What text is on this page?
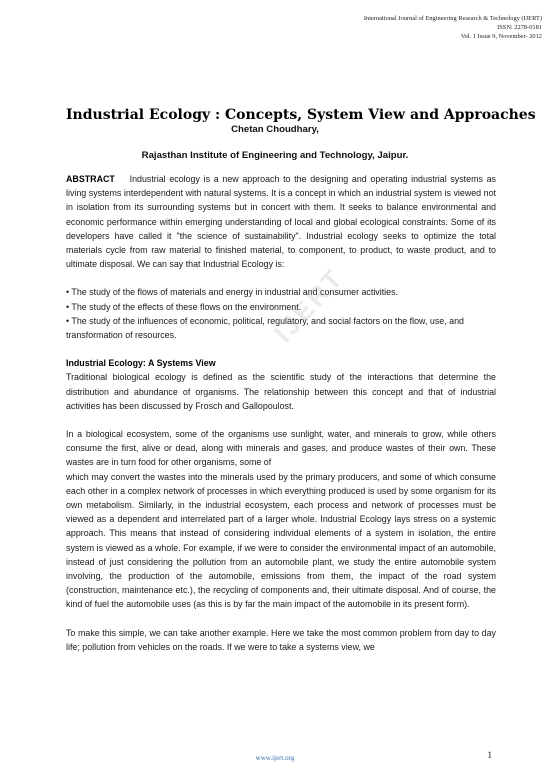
International Journal of Engineering Research & Technology (IJERT)
ISSN: 2278-0181
Vol. 1 Issue 9, November- 2012
Industrial Ecology : Concepts, System View and Approaches
Chetan Choudhary,
Rajasthan Institute of Engineering and Technology, Jaipur.

ABSTRACT Industrial ecology is a new approach to the designing and operating industrial systems as living systems interdependent with natural systems. It is a concept in which an industrial system is viewed not in isolation from its surrounding systems but in concert with them. It seeks to balance environmental and economic performance within emerging understanding of local and global ecological constraints. Some of its developers have called it "the science of sustainability". Industrial ecology seeks to optimize the total materials cycle from raw material to finished material, to component, to product, to waste product, and to ultimate disposal. We can say that Industrial Ecology is:

• The study of the flows of materials and energy in industrial and consumer activities.
• The study of the effects of these flows on the environment.
• The study of the influences of economic, political, regulatory, and social factors on the flow, use, and transformation of resources.

Industrial Ecology: A Systems View

Traditional biological ecology is defined as the scientific study of the interactions that determine the distribution and abundance of organisms. The relationship between this concept and that of industrial activities has been discussed by Frosch and Gallopoulost.

In a biological ecosystem, some of the organisms use sunlight, water, and minerals to grow, while others consume the first, alive or dead, along with minerals and gases, and produce wastes of their own. These wastes are in turn food for other organisms, some of

which may convert the wastes into the minerals used by the primary producers, and some of which consume each other in a complex network of processes in which everything produced is used by some organism for its own metabolism. Similarly, in the industrial ecosystem, each process and network of processes must be viewed as a dependent and interrelated part of a larger whole. Industrial Ecology lays stress on a systemic approach. This means that instead of considering individual elements of a system in isolation, the entire system is viewed as a whole. For example, if we were to consider the environmental impact of an automobile, instead of just considering the pollution from an automobile plant, we study the entire automobile system involving, the production of the automobile, emissions from them, the impact of the road system (construction, maintenance etc.), the recycling of components and, their ultimate disposal. And of course, the kind of fuel the automobile uses (as this is by far the main impact of the automobile in its present form).

To make this simple, we can take another example. Here we take the most common problem from day to day life; pollution from vehicles on the roads. If we were to take a systems view, we

IJERT
www.ijert.org	1
